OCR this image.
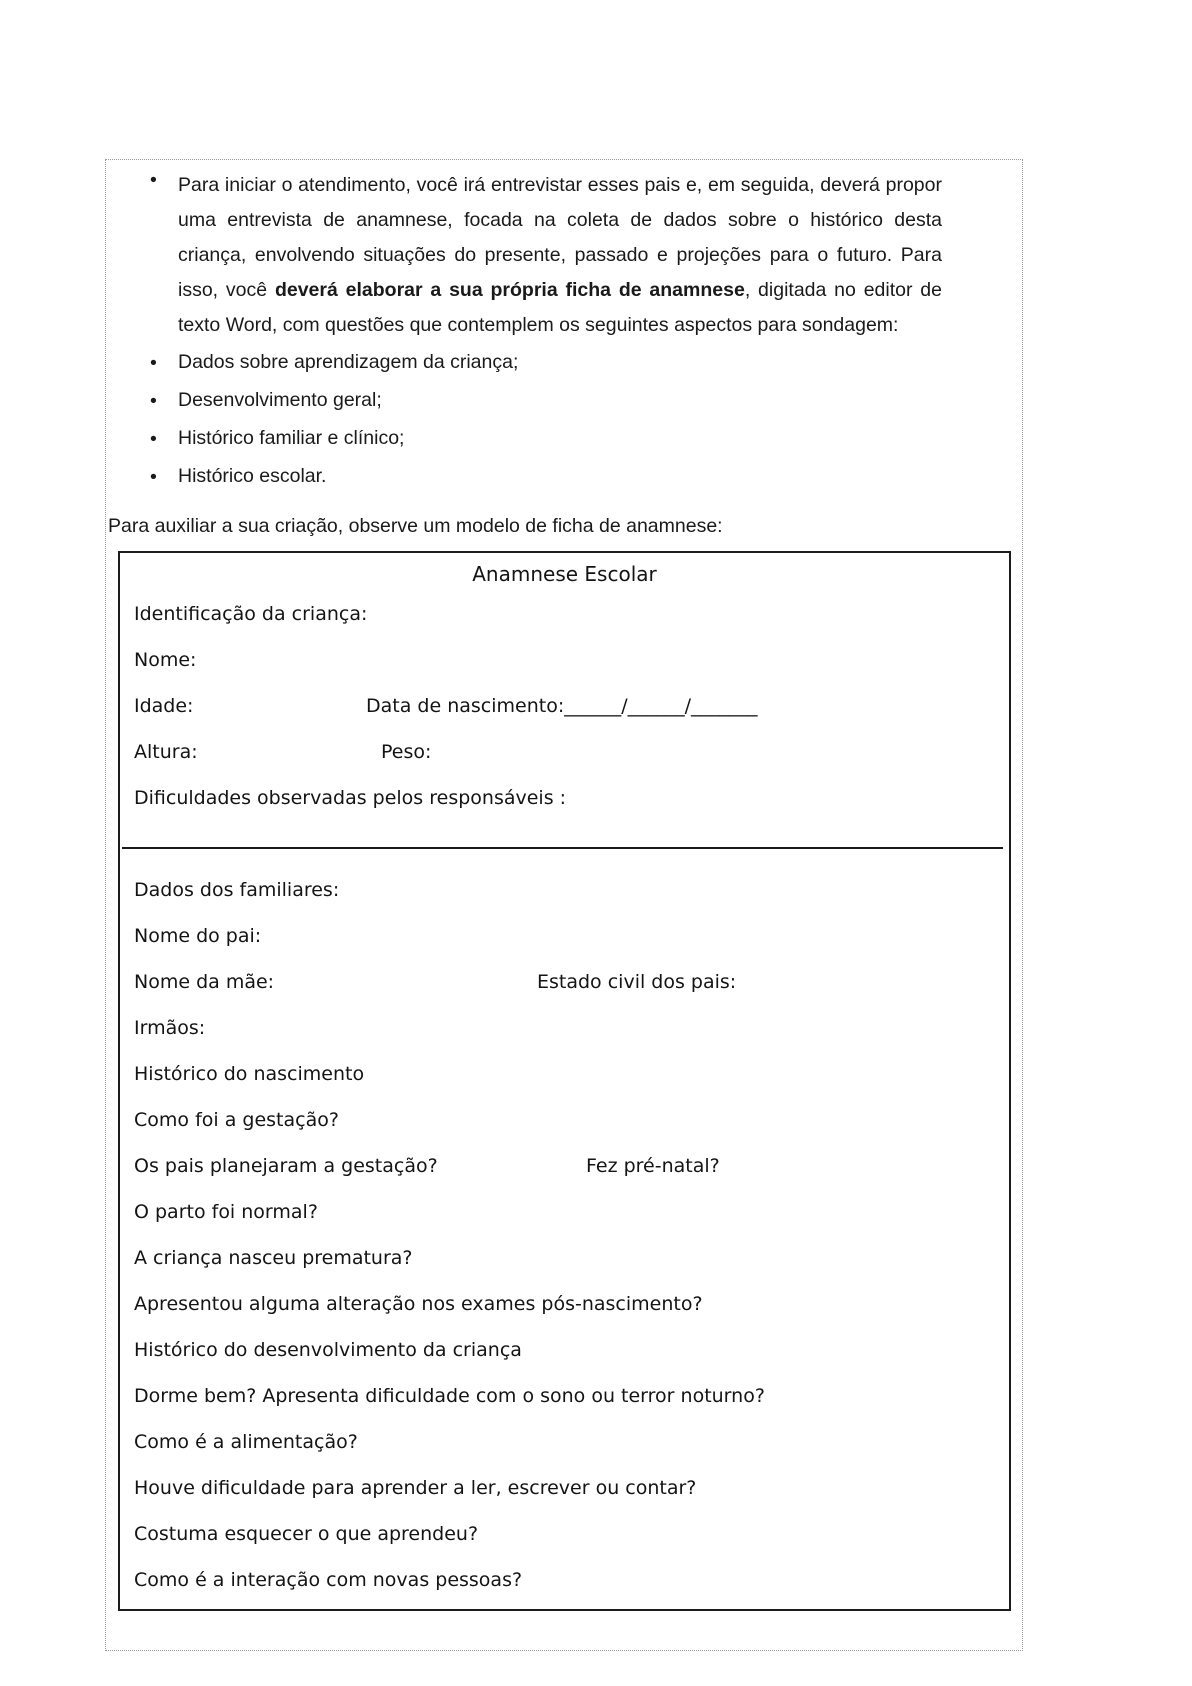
• Para iniciar o atendimento, você irá entrevistar esses pais e, em seguida, deverá propor uma entrevista de anamnese, focada na coleta de dados sobre o histórico desta criança, envolvendo situações do presente, passado e projeções para o futuro. Para isso, você deverá elaborar a sua própria ficha de anamnese, digitada no editor de texto Word, com questões que contemplem os seguintes aspectos para sondagem:
• Dados sobre aprendizagem da criança;
• Desenvolvimento geral;
• Histórico familiar e clínico;
• Histórico escolar.
Para auxiliar a sua criação, observe um modelo de ficha de anamnese:
Anamnese Escolar
Identificação da criança:
Nome:
Idade:	Data de nascimento:______/______/_______
Altura:	Peso:
Dificuldades observadas pelos responsáveis :
Dados dos familiares:
Nome do pai:
Nome da mãe:	Estado civil dos pais:
Irmãos:
Histórico do nascimento
Como foi a gestação?
Os pais planejaram a gestação?	Fez pré-natal?
O parto foi normal?
A criança nasceu prematura?
Apresentou alguma alteração nos exames pós-nascimento?
Histórico do desenvolvimento da criança
Dorme bem? Apresenta dificuldade com o sono ou terror noturno?
Como é a alimentação?
Houve dificuldade para aprender a ler, escrever ou contar?
Costuma esquecer o que aprendeu?
Como é a interação com novas pessoas?
